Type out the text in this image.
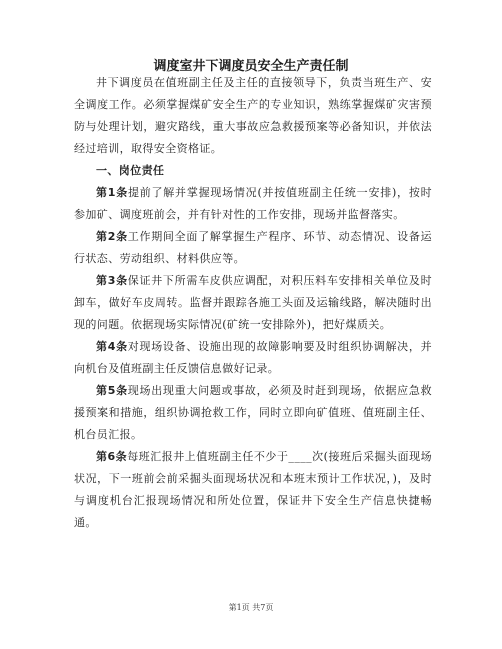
调度室井下调度员安全生产责任制

井下调度员在值班副主任及主任的直接领导下，负责当班生产、安全调度工作。必须掌握煤矿安全生产的专业知识，熟练掌握煤矿灾害预防与处理计划，避灾路线，重大事故应急救援预案等必备知识，并依法经过培训，取得安全资格证。

一、岗位责任

第1条提前了解并掌握现场情况(并按值班副主任统一安排)，按时参加矿、调度班前会，并有针对性的工作安排，现场并监督落实。

第2条工作期间全面了解掌握生产程序、环节、动态情况、设备运行状态、劳动组织、材料供应等。

第3条保证井下所需车皮供应调配，对积压料车安排相关单位及时卸车，做好车皮周转。监督并跟踪各施工头面及运输线路，解决随时出现的问题。依据现场实际情况(矿统一安排除外)，把好煤质关。

第4条对现场设备、设施出现的故障影响要及时组织协调解决，并向机台及值班副主任反馈信息做好记录。

第5条现场出现重大问题或事故，必须及时赶到现场，依据应急救援预案和措施，组织协调抢救工作，同时立即向矿值班、值班副主任、机台员汇报。

第6条每班汇报井上值班副主任不少于____次(接班后采掘头面现场状况，下一班前会前采掘头面现场状况和本班末预计工作状况，)，及时与调度机台汇报现场情况和所处位置，保证井下安全生产信息快捷畅通。

第1页 共7页
